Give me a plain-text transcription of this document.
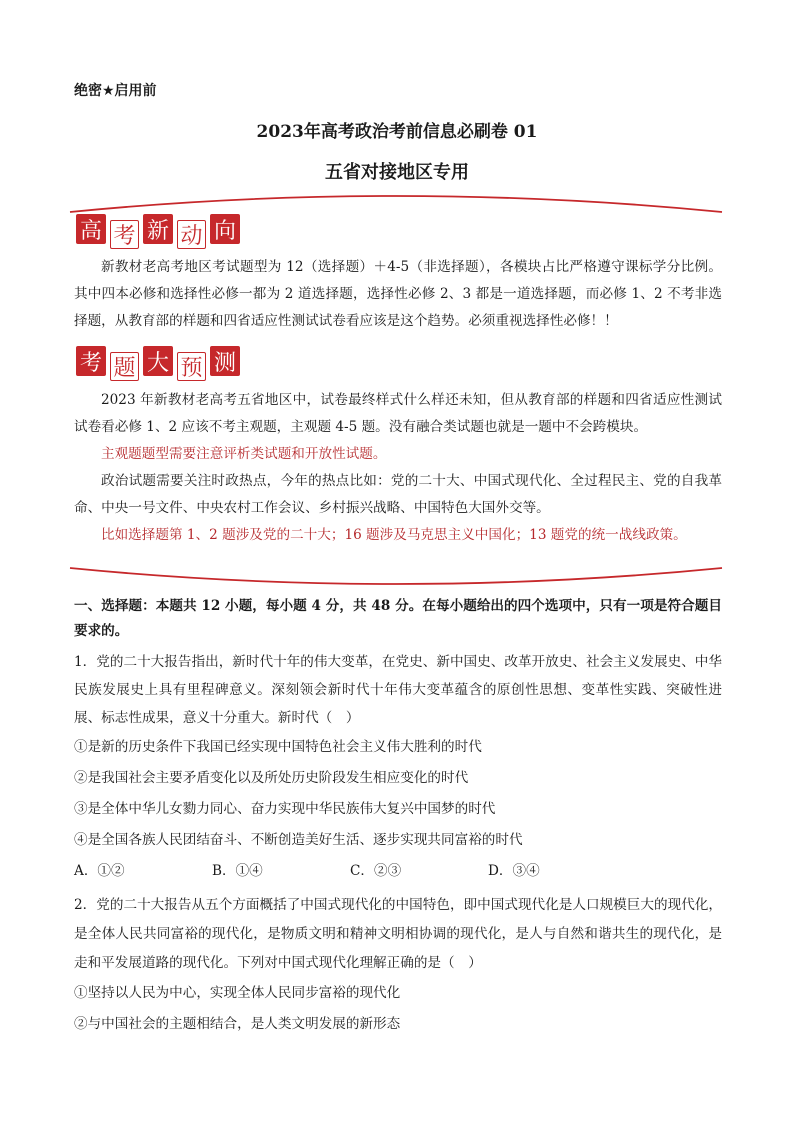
绝密★启用前
2023年高考政治考前信息必刷卷 01
五省对接地区专用
高 考 新 动 向

新教材老高考地区考试题型为 12（选择题）＋4-5（非选择题），各模块占比严格遵守课标学分比例。其中四本必修和选择性必修一都为 2 道选择题，选择性必修 2、3 都是一道选择题，而必修 1、2 不考非选择题，从教育部的样题和四省适应性测试试卷看应该是这个趋势。必须重视选择性必修！！

考 题 大 预 测

2023 年新教材老高考五省地区中，试卷最终样式什么样还未知，但从教育部的样题和四省适应性测试试卷看必修 1、2 应该不考主观题，主观题 4-5 题。没有融合类试题也就是一题中不会跨模块。

主观题题型需要注意评析类试题和开放性试题。

政治试题需要关注时政热点，今年的热点比如：党的二十大、中国式现代化、全过程民主、党的自我革命、中央一号文件、中央农村工作会议、乡村振兴战略、中国特色大国外交等。

比如选择题第 1、2 题涉及党的二十大；16 题涉及马克思主义中国化；13 题党的统一战线政策。

一、选择题：本题共 12 小题，每小题 4 分，共 48 分。在每小题给出的四个选项中，只有一项是符合题目要求的。

1．党的二十大报告指出，新时代十年的伟大变革，在党史、新中国史、改革开放史、社会主义发展史、中华民族发展史上具有里程碑意义。深刻领会新时代十年伟大变革蕴含的原创性思想、变革性实践、突破性进展、标志性成果，意义十分重大。新时代（　）

①是新的历史条件下我国已经实现中国特色社会主义伟大胜利的时代

②是我国社会主要矛盾变化以及所处历史阶段发生相应变化的时代

③是全体中华儿女勠力同心、奋力实现中华民族伟大复兴中国梦的时代

④是全国各族人民团结奋斗、不断创造美好生活、逐步实现共同富裕的时代

A．①②	B．①④	C．②③	D．③④

2．党的二十大报告从五个方面概括了中国式现代化的中国特色，即中国式现代化是人口规模巨大的现代化，是全体人民共同富裕的现代化，是物质文明和精神文明相协调的现代化，是人与自然和谐共生的现代化，是走和平发展道路的现代化。下列对中国式现代化理解正确的是（　）

①坚持以人民为中心，实现全体人民同步富裕的现代化

②与中国社会的主题相结合，是人类文明发展的新形态
